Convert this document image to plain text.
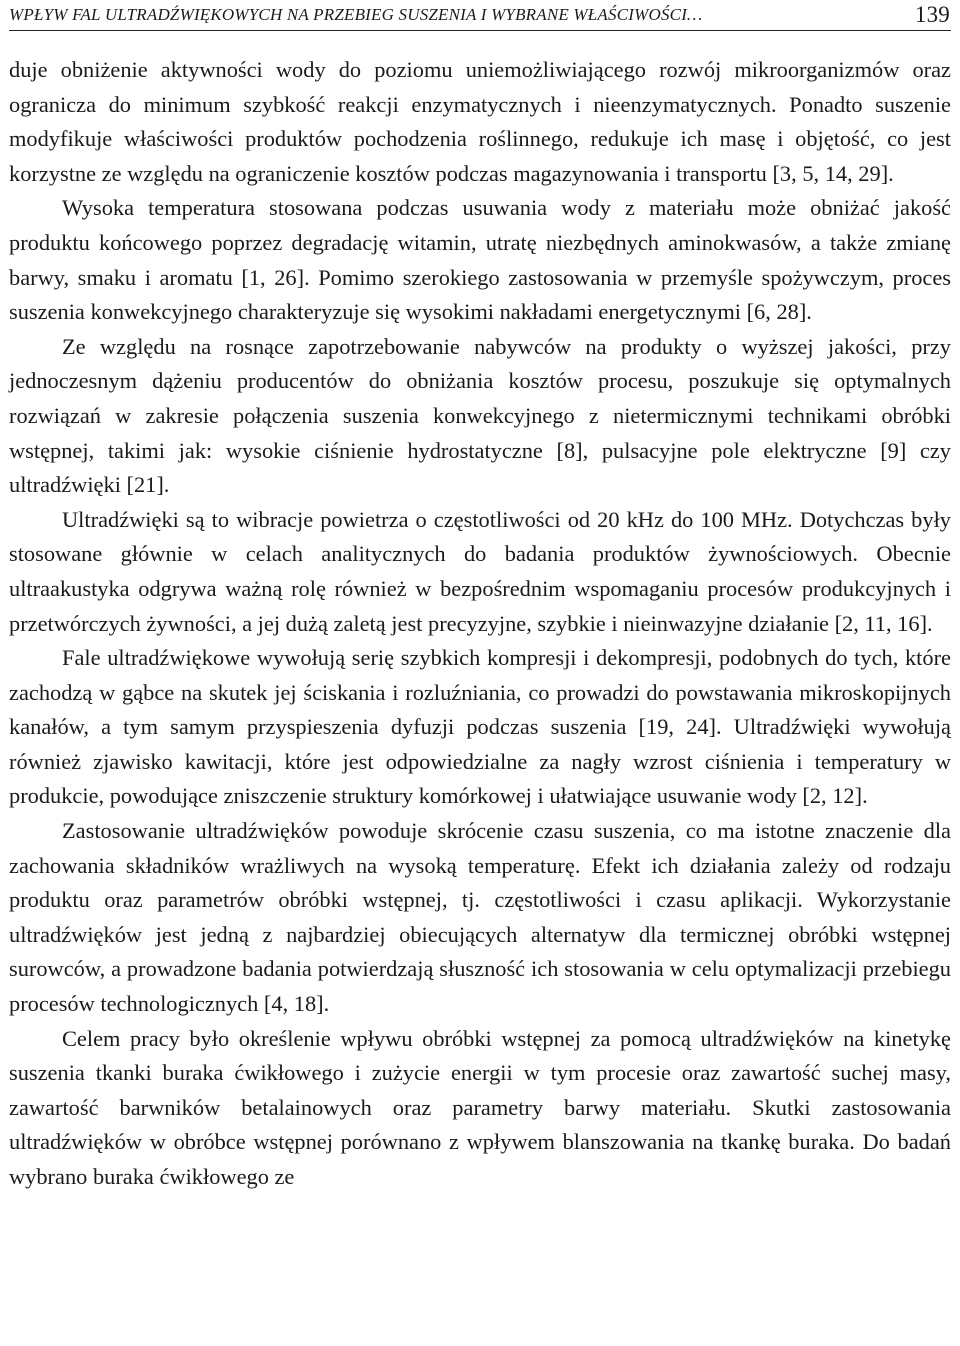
WPŁYW FAL ULTRADŹWIĘKOWYCH NA PRZEBIEG SUSZENIA I WYBRANE WŁAŚCIWOŚCI…	139

duje obniżenie aktywności wody do poziomu uniemożliwiającego rozwój mikroorganizmów oraz ogranicza do minimum szybkość reakcji enzymatycznych i nieenzymatycznych. Ponadto suszenie modyfikuje właściwości produktów pochodzenia roślinnego, redukuje ich masę i objętość, co jest korzystne ze względu na ograniczenie kosztów podczas magazynowania i transportu [3, 5, 14, 29].

Wysoka temperatura stosowana podczas usuwania wody z materiału może obniżać jakość produktu końcowego poprzez degradację witamin, utratę niezbędnych aminokwasów, a także zmianę barwy, smaku i aromatu [1, 26]. Pomimo szerokiego zastosowania w przemyśle spożywczym, proces suszenia konwekcyjnego charakteryzuje się wysokimi nakładami energetycznymi [6, 28].

Ze względu na rosnące zapotrzebowanie nabywców na produkty o wyższej jakości, przy jednoczesnym dążeniu producentów do obniżania kosztów procesu, poszukuje się optymalnych rozwiązań w zakresie połączenia suszenia konwekcyjnego z nietermicznymi technikami obróbki wstępnej, takimi jak: wysokie ciśnienie hydrostatyczne [8], pulsacyjne pole elektryczne [9] czy ultradźwięki [21].

Ultradźwięki są to wibracje powietrza o częstotliwości od 20 kHz do 100 MHz. Dotychczas były stosowane głównie w celach analitycznych do badania produktów żywnościowych. Obecnie ultraakustyka odgrywa ważną rolę również w bezpośrednim wspomaganiu procesów produkcyjnych i przetwórczych żywności, a jej dużą zaletą jest precyzyjne, szybkie i nieinwazyjne działanie [2, 11, 16].

Fale ultradźwiękowe wywołują serię szybkich kompresji i dekompresji, podobnych do tych, które zachodzą w gąbce na skutek jej ściskania i rozluźniania, co prowadzi do powstawania mikroskopijnych kanałów, a tym samym przyspieszenia dyfuzji podczas suszenia [19, 24]. Ultradźwięki wywołują również zjawisko kawitacji, które jest odpowiedzialne za nagły wzrost ciśnienia i temperatury w produkcie, powodujące zniszczenie struktury komórkowej i ułatwiające usuwanie wody [2, 12].

Zastosowanie ultradźwięków powoduje skrócenie czasu suszenia, co ma istotne znaczenie dla zachowania składników wrażliwych na wysoką temperaturę. Efekt ich działania zależy od rodzaju produktu oraz parametrów obróbki wstępnej, tj. częstotliwości i czasu aplikacji. Wykorzystanie ultradźwięków jest jedną z najbardziej obiecujących alternatyw dla termicznej obróbki wstępnej surowców, a prowadzone badania potwierdzają słuszność ich stosowania w celu optymalizacji przebiegu procesów technologicznych [4, 18].

Celem pracy było określenie wpływu obróbki wstępnej za pomocą ultradźwięków na kinetykę suszenia tkanki buraka ćwikłowego i zużycie energii w tym procesie oraz zawartość suchej masy, zawartość barwników betalainowych oraz parametry barwy materiału. Skutki zastosowania ultradźwięków w obróbce wstępnej porównano z wpływem blanszowania na tkankę buraka. Do badań wybrano buraka ćwikłowego ze
